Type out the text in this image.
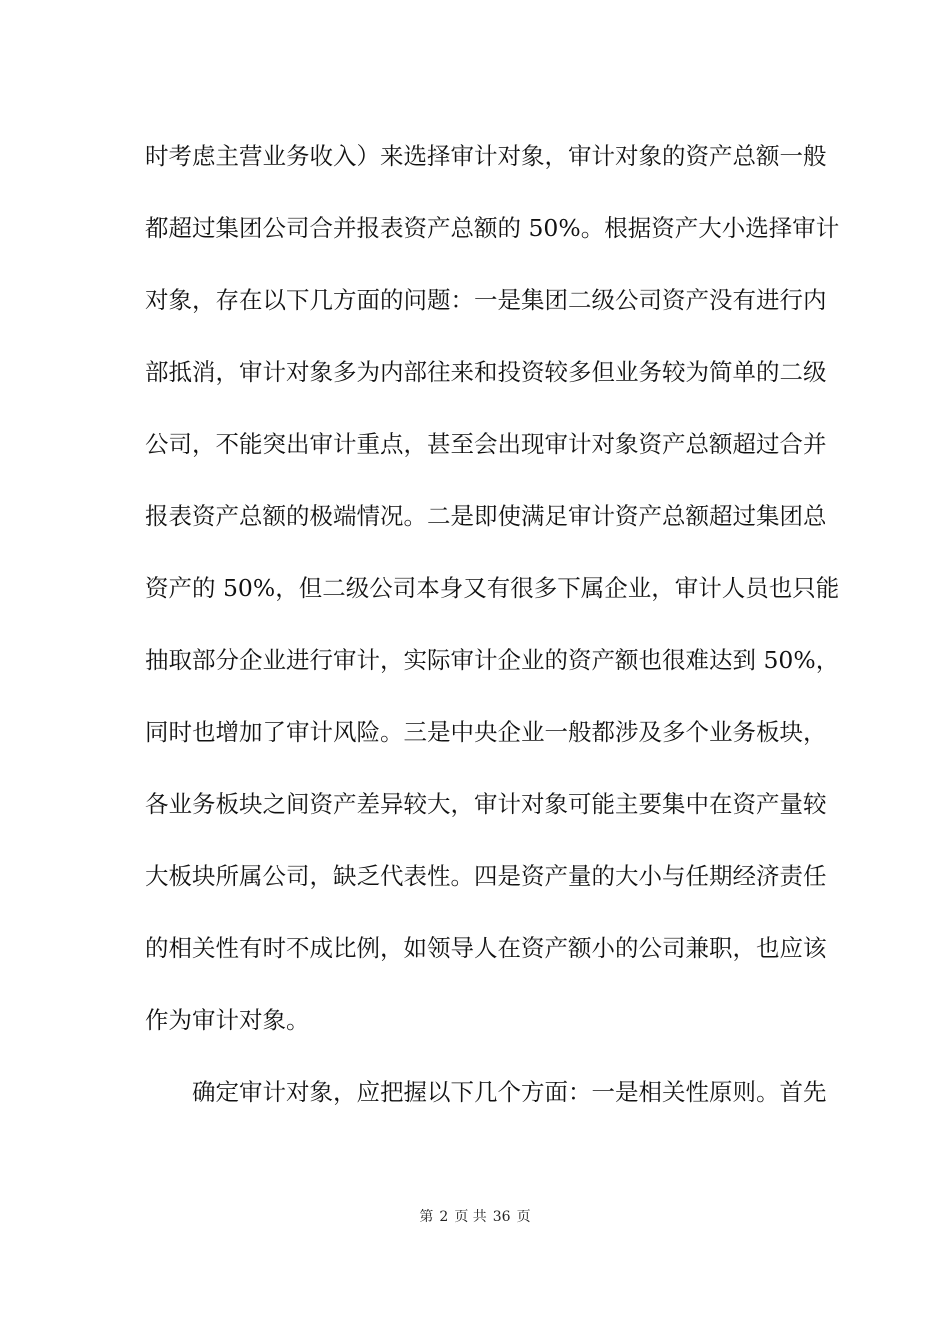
时考虑主营业务收入）来选择审计对象，审计对象的资产总额一般
都超过集团公司合并报表资产总额的 50%。根据资产大小选择审计
对象，存在以下几方面的问题：一是集团二级公司资产没有进行内
部抵消，审计对象多为内部往来和投资较多但业务较为简单的二级
公司，不能突出审计重点，甚至会出现审计对象资产总额超过合并
报表资产总额的极端情况。二是即使满足审计资产总额超过集团总
资产的 50%，但二级公司本身又有很多下属企业，审计人员也只能
抽取部分企业进行审计，实际审计企业的资产额也很难达到 50%，
同时也增加了审计风险。三是中央企业一般都涉及多个业务板块，
各业务板块之间资产差异较大，审计对象可能主要集中在资产量较
大板块所属公司，缺乏代表性。四是资产量的大小与任期经济责任
的相关性有时不成比例，如领导人在资产额小的公司兼职，也应该
作为审计对象。
确定审计对象，应把握以下几个方面：一是相关性原则。首先
第 2 页 共 36 页
